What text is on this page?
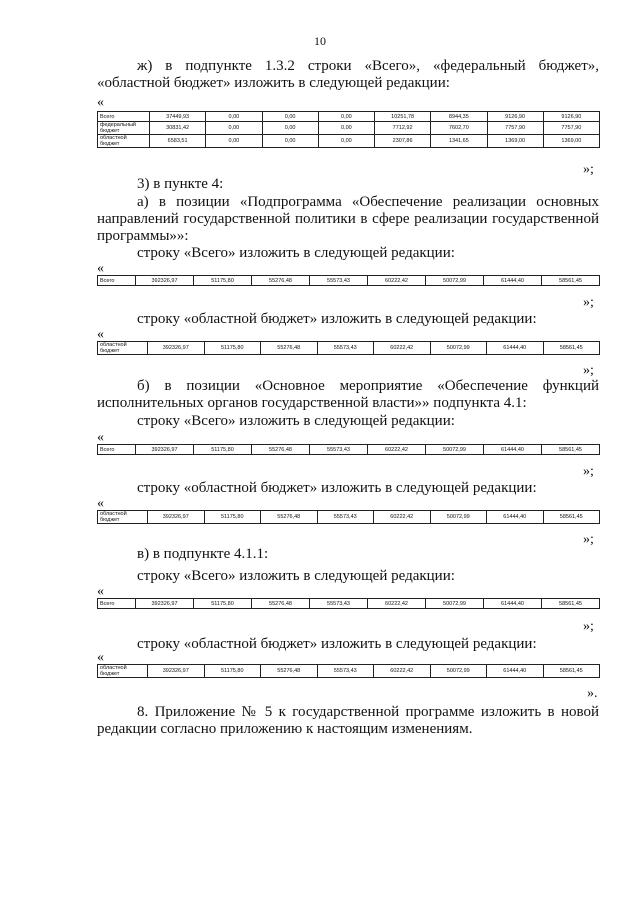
10
ж) в подпункте 1.3.2 строки «Всего», «федеральный бюджет», «областной бюджет» изложить в следующей редакции:
«
Всего	37449,93	0,00	0,00	0,00	10251,78	8944,35	9126,90	9126,90
федеральный бюджет	30831,42	0,00	0,00	0,00	7712,92	7602,70	7757,90	7757,90
областной бюджет	6583,51	0,00	0,00	0,00	2307,86	1341,65	1369,00	1369,00
»;
3) в пункте 4:
а) в позиции «Подпрограмма «Обеспечение реализации основных направлений государственной политики в сфере реализации государственной программы»»:
строку «Всего» изложить в следующей редакции:
«
Всего	392326,97	51175,80	55276,48	55573,43	60222,42	50072,99	61444,40	58561,45
»;
строку «областной бюджет» изложить в следующей редакции:
«
областной бюджет	392326,97	51175,80	55276,48	55573,43	60222,42	50072,99	61444,40	58561,45
»;
б) в позиции «Основное мероприятие «Обеспечение функций исполнительных органов государственной власти»» подпункта 4.1:
строку «Всего» изложить в следующей редакции:
«
Всего	392326,97	51175,80	55276,48	55573,43	60222,42	50072,99	61444,40	58561,45
»;
строку «областной бюджет» изложить в следующей редакции:
«
областной бюджет	392326,97	51175,80	55276,48	55573,43	60222,42	50072,99	61444,40	58561,45
»;
в) в подпункте 4.1.1:
строку «Всего» изложить в следующей редакции:
«
Всего	392326,97	51175,80	55276,48	55573,43	60222,42	50072,99	61444,40	58561,45
»;
строку «областной бюджет» изложить в следующей редакции:
«
областной бюджет	392326,97	51175,80	55276,48	55573,43	60222,42	50072,99	61444,40	58561,45
».
8. Приложение № 5 к государственной программе изложить в новой редакции согласно приложению к настоящим изменениям.
